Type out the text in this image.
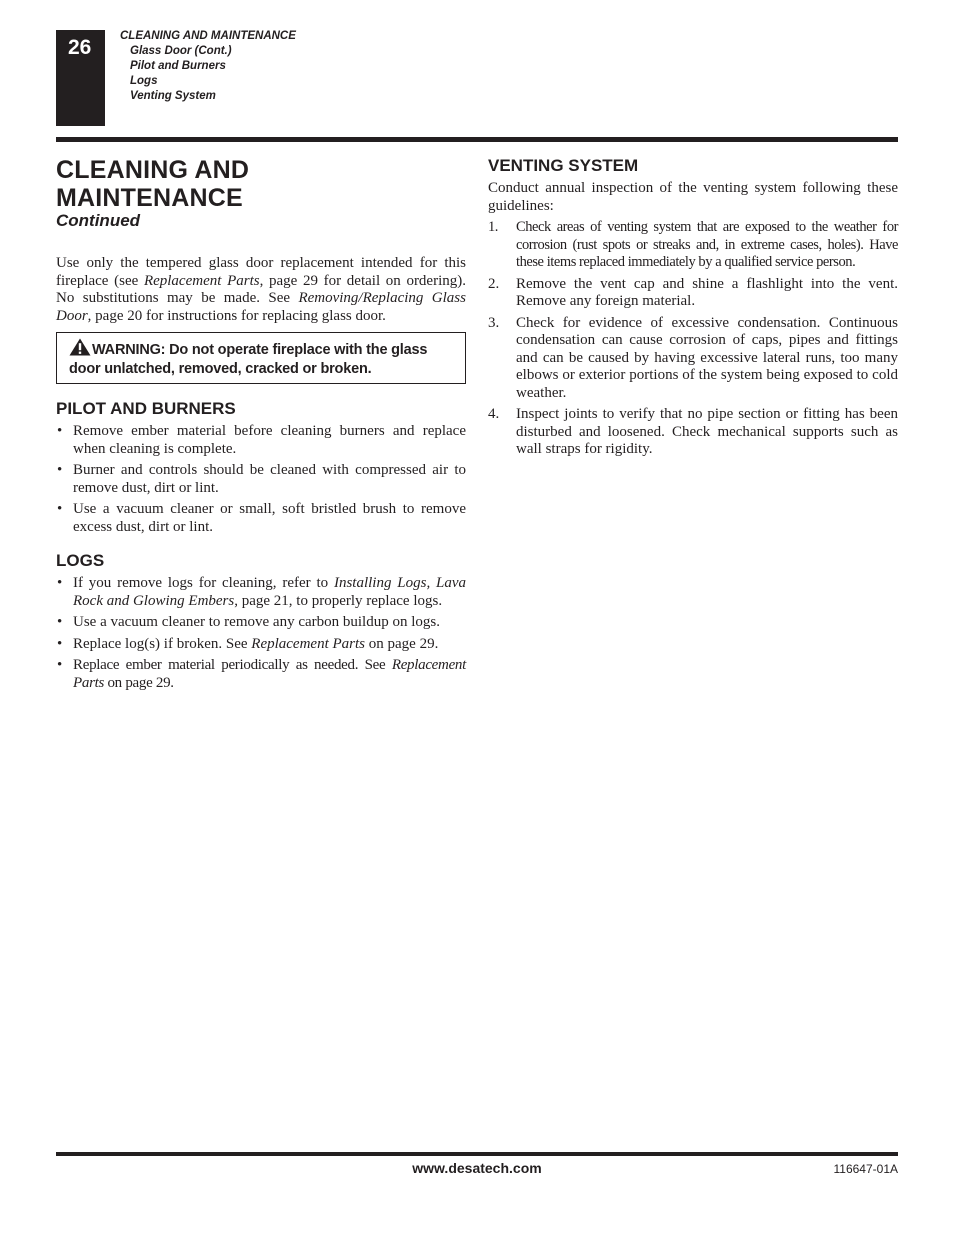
26 CLEANING AND MAINTENANCE
Glass Door (Cont.)
Pilot and Burners
Logs
Venting System
CLEANING AND
MAINTENANCE
Continued

Use only the tempered glass door replacement intended for this fireplace (see Replacement Parts, page 29 for detail on ordering). No substitutions may be made. See Removing/Replacing Glass Door, page 20 for instructions for replacing glass door.

WARNING: Do not operate fireplace with the glass door unlatched, removed, cracked or broken.
PILOT AND BURNERS
• Remove ember material before cleaning burners and replace when cleaning is complete.
• Burner and controls should be cleaned with compressed air to remove dust, dirt or lint.
• Use a vacuum cleaner or small, soft bristled brush to remove excess dust, dirt or lint.
LOGS
• If you remove logs for cleaning, refer to Installing Logs, Lava Rock and Glowing Embers, page 21, to properly replace logs.
• Use a vacuum cleaner to remove any carbon buildup on logs.
• Replace log(s) if broken. See Replacement Parts on page 29.
• Replace ember material periodically as needed. See Replacement Parts on page 29.
VENTING SYSTEM

Conduct annual inspection of the venting system following these guidelines:

1. Check areas of venting system that are exposed to the weather for corrosion (rust spots or streaks and, in extreme cases, holes). Have these items replaced immediately by a qualified service person.
2. Remove the vent cap and shine a flashlight into the vent. Remove any foreign material.
3. Check for evidence of excessive condensation. Continuous condensation can cause corrosion of caps, pipes and fittings and can be caused by having excessive lateral runs, too many elbows or exterior portions of the system being exposed to cold weather.
4. Inspect joints to verify that no pipe section or fitting has been disturbed and loosened. Check mechanical supports such as wall straps for rigidity.
www.desatech.com	116647-01A
